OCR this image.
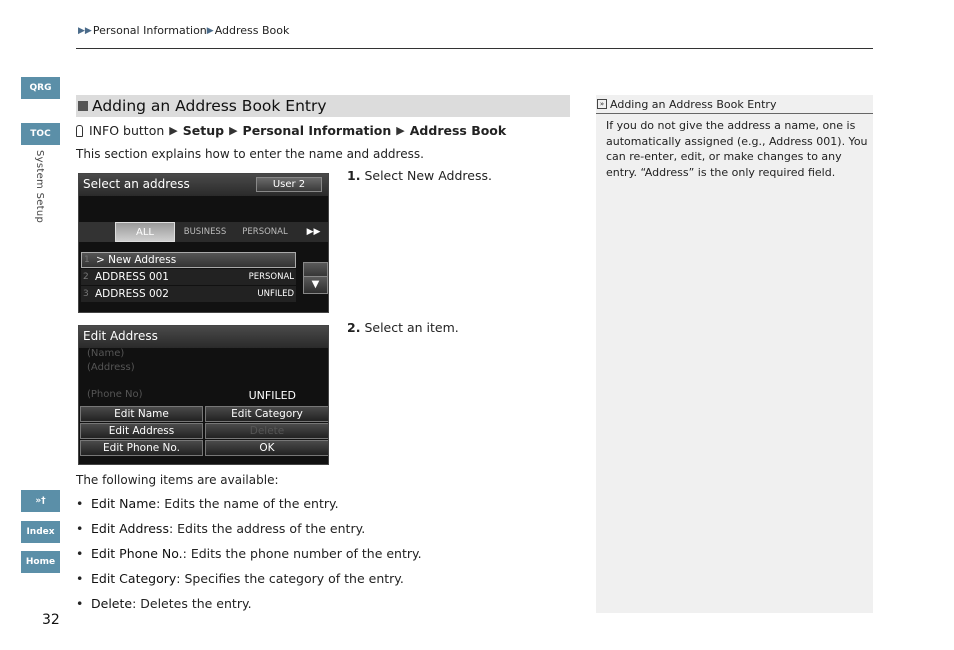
▶▶ Personal Information ▶ Address Book
QRG
TOC
System Setup
»†
Index
Home
Adding an Address Book Entry
INFO button ▶ Setup ▶ Personal Information ▶ Address Book
This section explains how to enter the name and address.
Select an address	User 2
ALL	BUSINESS	PERSONAL	▶▶
1 > New Address
2 ADDRESS 001	PERSONAL
3 ADDRESS 002	UNFILED
▼
Edit Address
(Name)
(Address)
(Phone No)	UNFILED
Edit Name	Edit Category
Edit Address	Delete
Edit Phone No.	OK
1. Select New Address.
2. Select an item.
The following items are available:
• Edit Name : Edits the name of the entry.
• Edit Address : Edits the address of the entry.
• Edit Phone No. : Edits the phone number of the entry.
• Edit Category : Specifies the category of the entry.
• Delete : Deletes the entry.
32
» Adding an Address Book Entry
If you do not give the address a name, one is automatically assigned (e.g., Address 001). You can re-enter, edit, or make changes to any entry. “Address” is the only required field.
